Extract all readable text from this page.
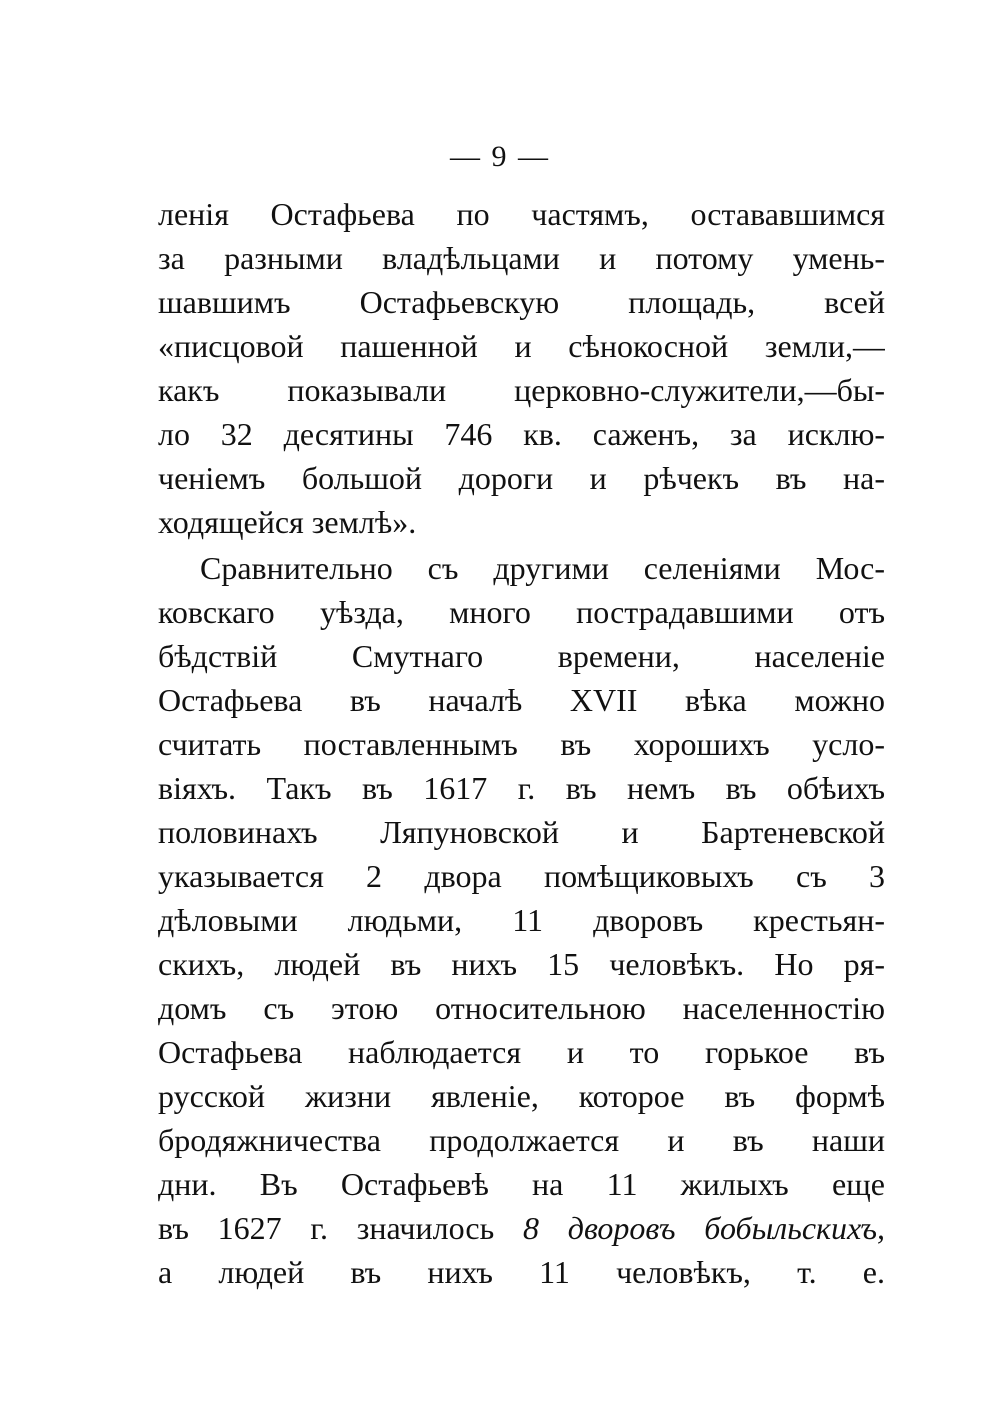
— 9 —
ленія Остафьева по частямъ, остававшимся
за разными владѣльцами и потому умень-
шавшимъ Остафьевскую площадь, всей
«писцовой пашенной и сѣнокосной земли,—
какъ показывали церковно-служители,—бы-
ло 32 десятины 746 кв. саженъ, за исклю-
ченіемъ большой дороги и рѣчекъ въ на-
ходящейся землѣ».
Сравнительно съ другими селеніями Мос-
ковскаго уѣзда, много пострадавшими отъ
бѣдствій Смутнаго времени, населеніе
Остафьева въ началѣ XVII вѣка можно
считать поставленнымъ въ хорошихъ усло-
віяхъ. Такъ въ 1617 г. въ немъ въ обѣихъ
половинахъ Ляпуновской и Бартеневской
указывается 2 двора помѣщиковыхъ съ 3
дѣловыми людьми, 11 дворовъ крестьян-
скихъ, людей въ нихъ 15 человѣкъ. Но ря-
домъ съ этою относительною населенностію
Остафьева наблюдается и то горькое въ
русской жизни явленіе, которое въ формѣ
бродяжничества продолжается и въ наши
дни. Въ Остафьевѣ на 11 жилыхъ еще
въ 1627 г. значилось 8 дворовъ бобыльскихъ,
а людей въ нихъ 11 человѣкъ, т. е.
